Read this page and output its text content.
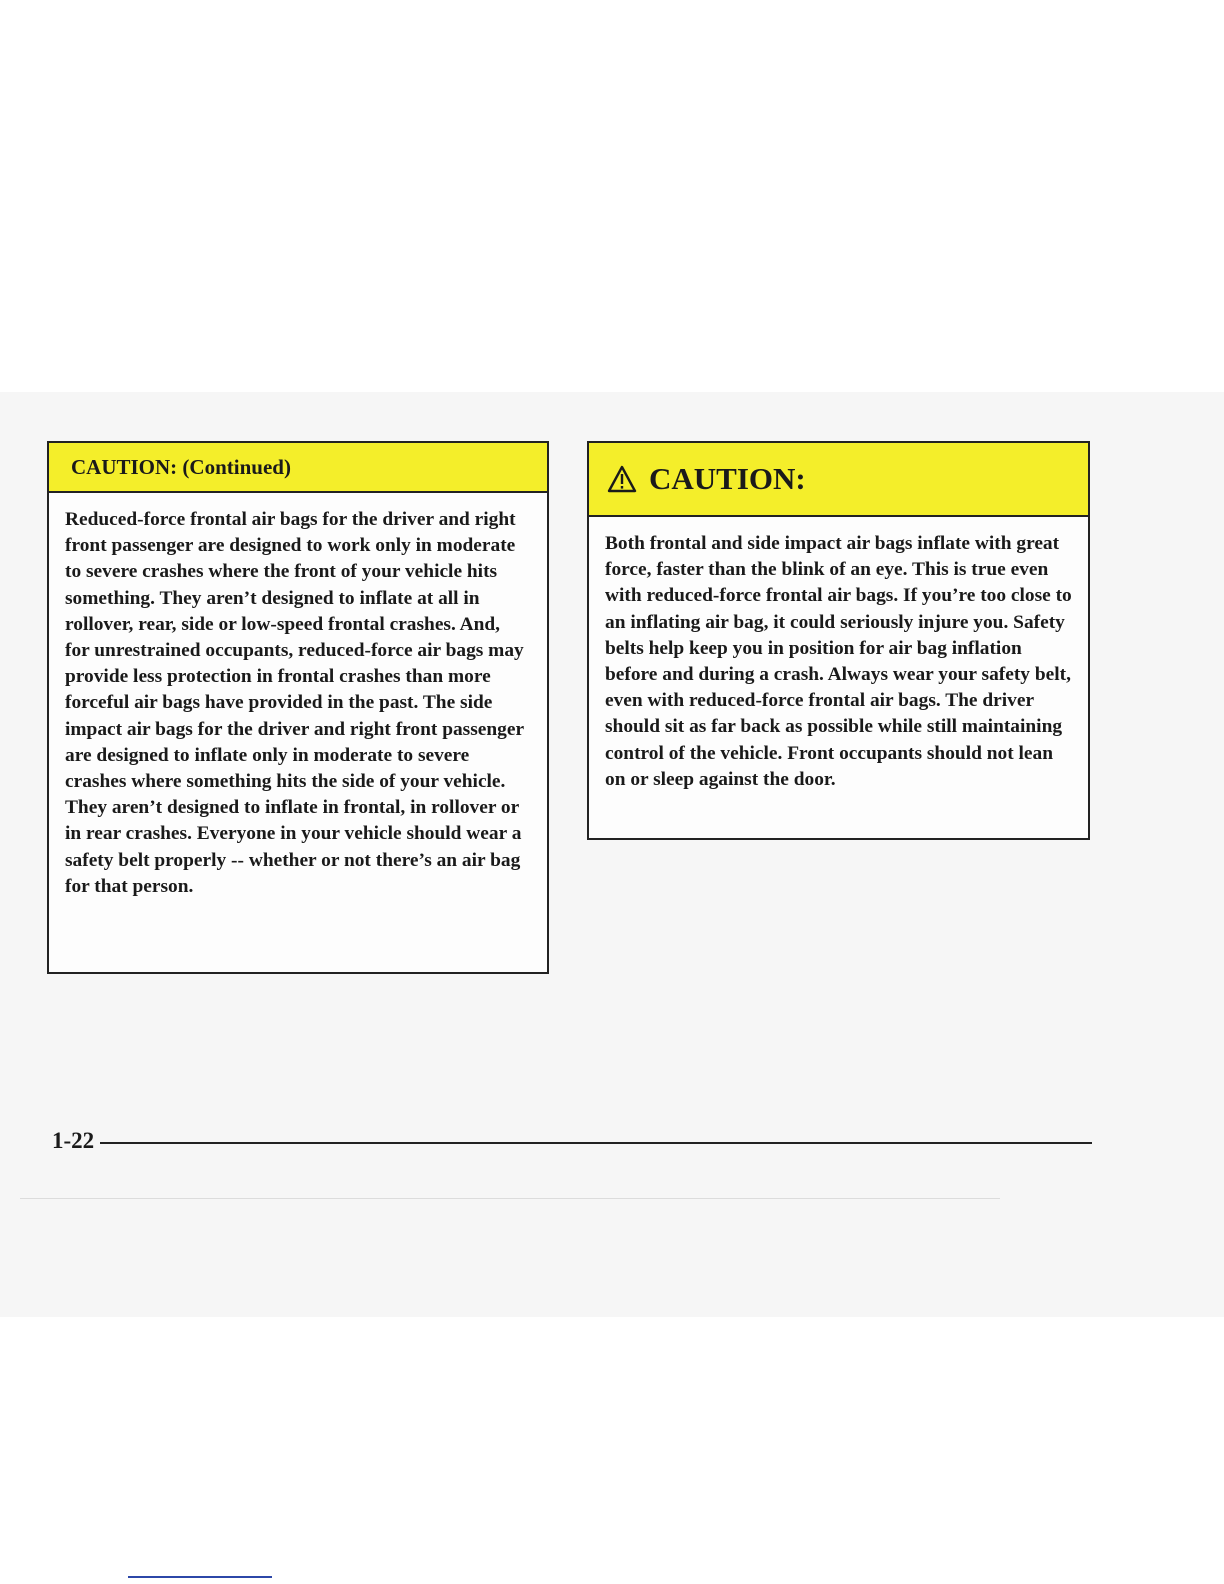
CAUTION: (Continued)
Reduced-force frontal air bags for the driver and right front passenger are designed to work only in moderate to severe crashes where the front of your vehicle hits something. They aren’t designed to inflate at all in rollover, rear, side or low-speed frontal crashes. And, for unrestrained occupants, reduced-force air bags may provide less protection in frontal crashes than more forceful air bags have provided in the past. The side impact air bags for the driver and right front passenger are designed to inflate only in moderate to severe crashes where something hits the side of your vehicle. They aren’t designed to inflate in frontal, in rollover or in rear crashes. Everyone in your vehicle should wear a safety belt properly -- whether or not there’s an air bag for that person.
CAUTION:
Both frontal and side impact air bags inflate with great force, faster than the blink of an eye. This is true even with reduced-force frontal air bags. If you’re too close to an inflating air bag, it could seriously injure you. Safety belts help keep you in position for air bag inflation before and during a crash. Always wear your safety belt, even with reduced-force frontal air bags. The driver should sit as far back as possible while still maintaining control of the vehicle. Front occupants should not lean on or sleep against the door.
1-22
